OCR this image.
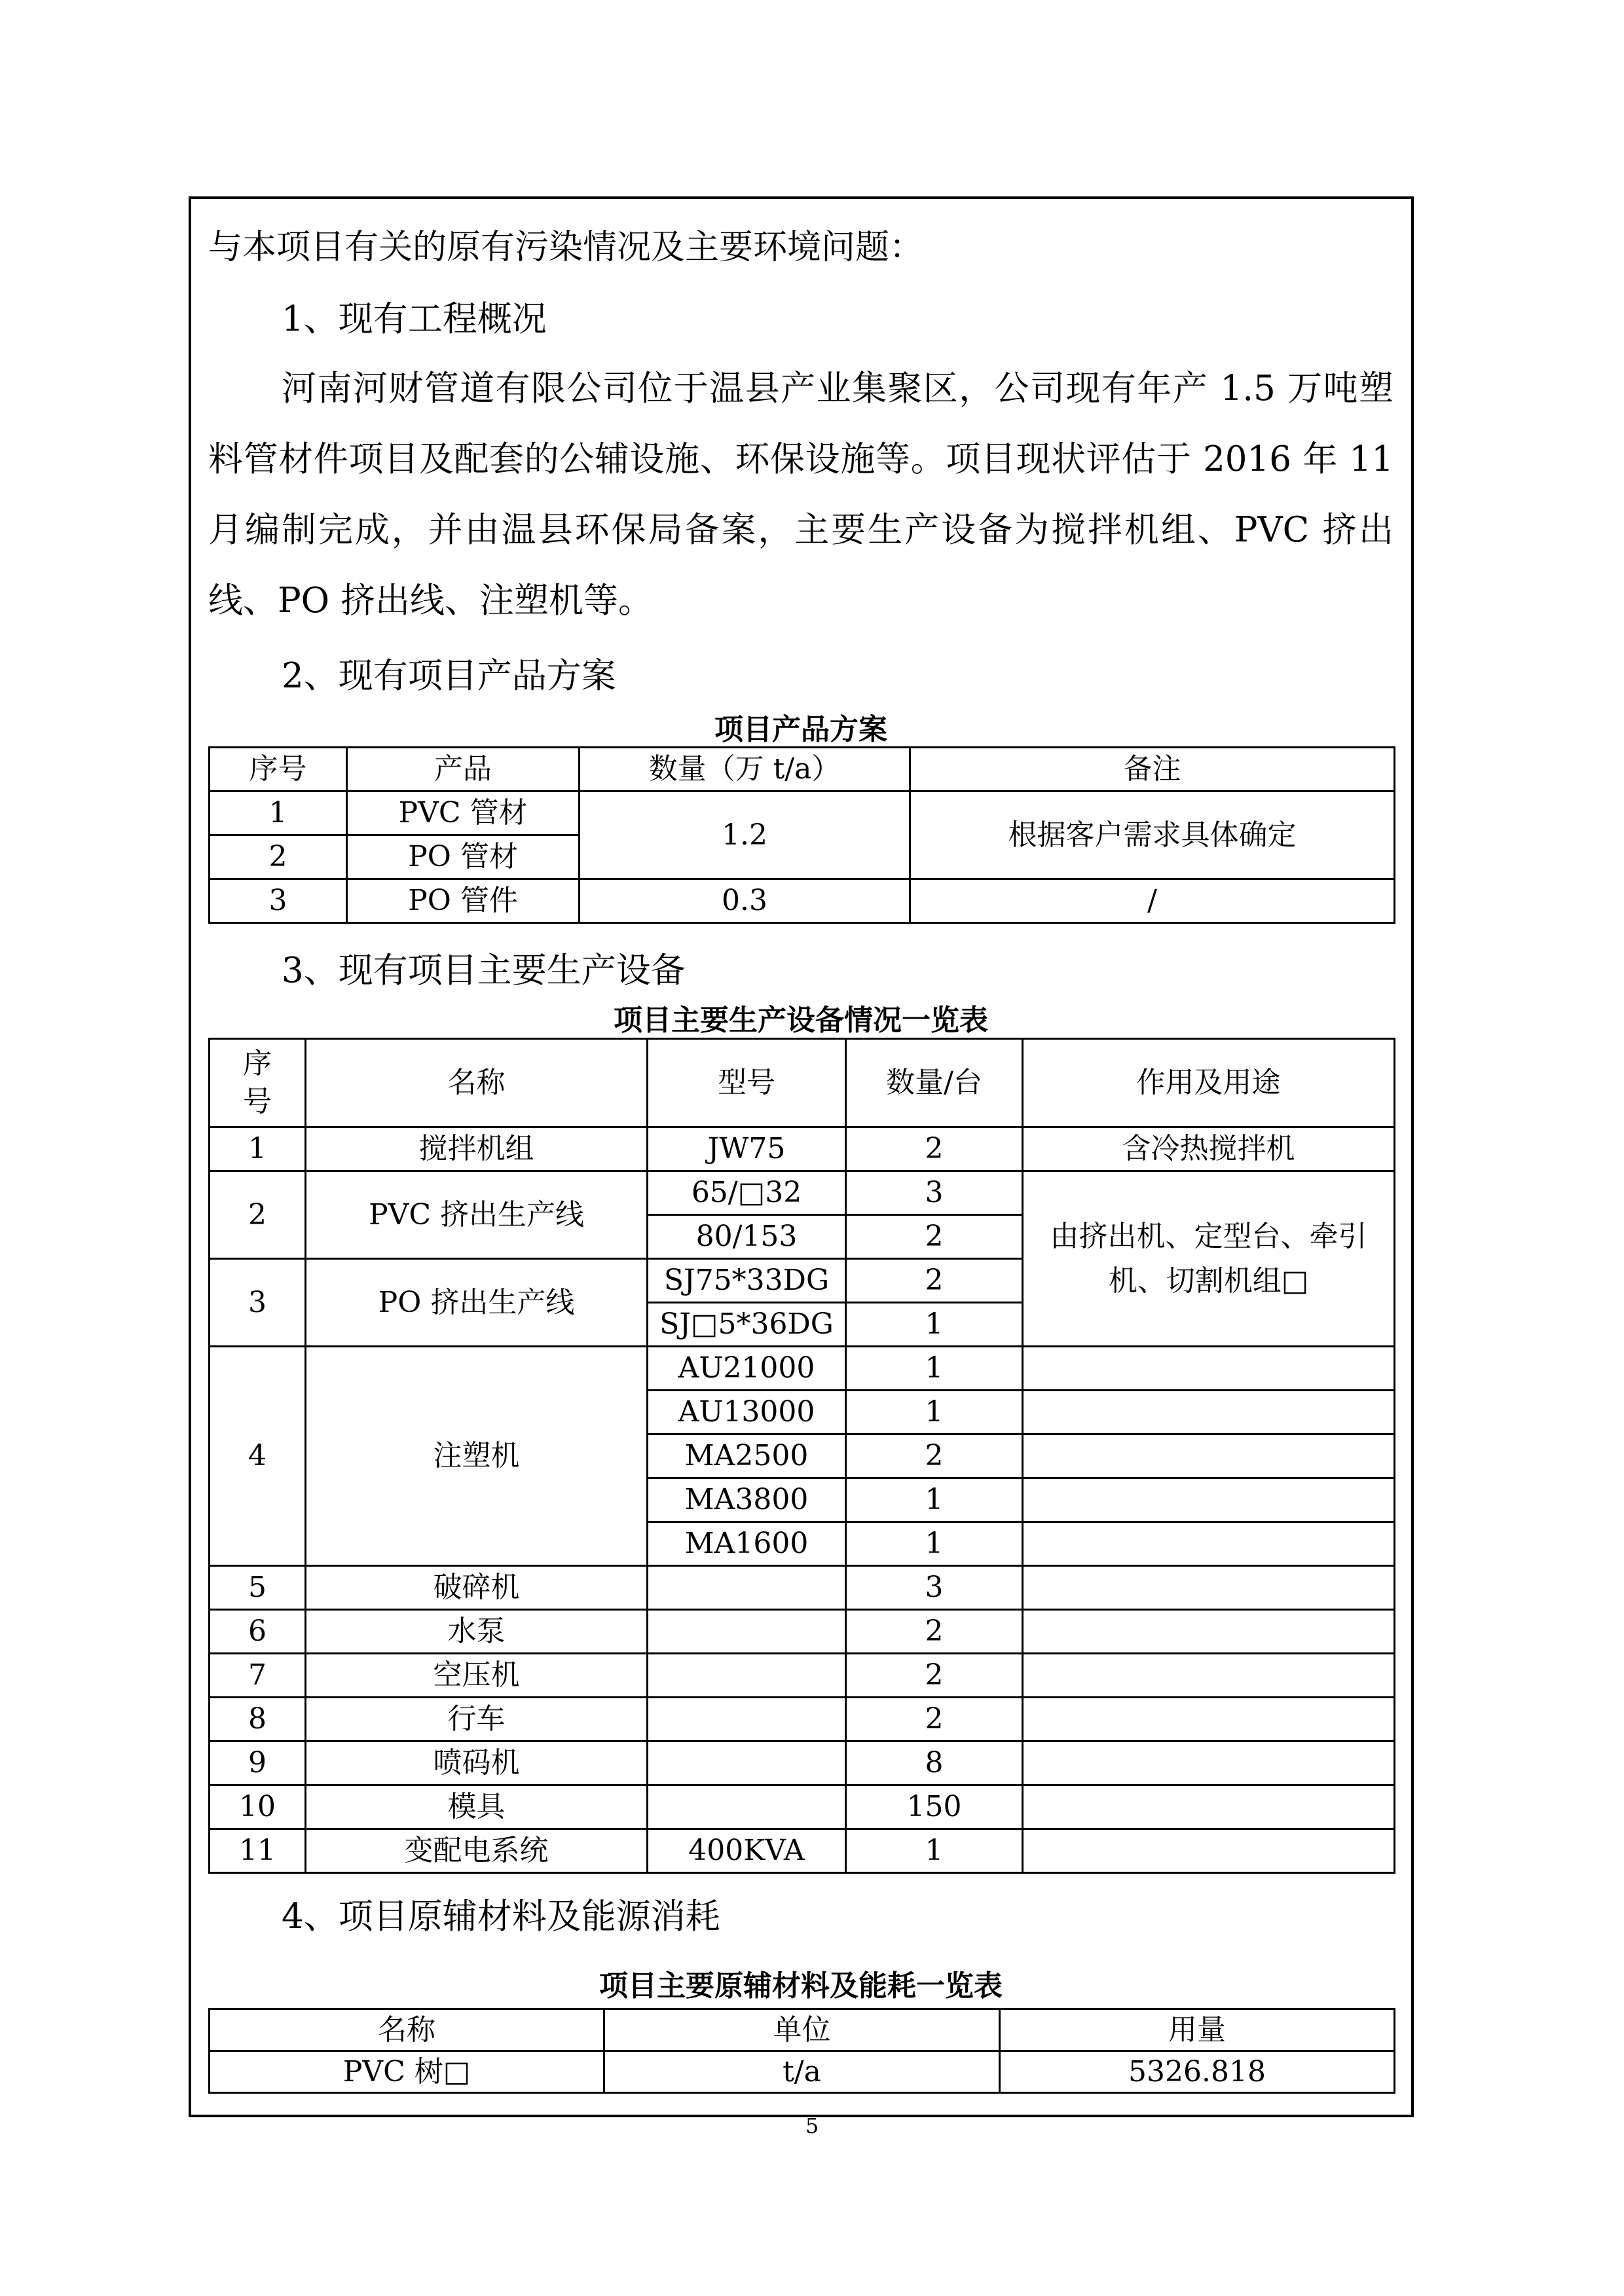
与本项目有关的原有污染情况及主要环境问题：
1、现有工程概况

河南河财管道有限公司位于温县产业集聚区，公司现有年产 1.5 万吨塑料管材件项目及配套的公辅设施、环保设施等。项目现状评估于 2016 年 11 月编制完成，并由温县环保局备案，主要生产设备为搅拌机组、PVC 挤出线、PO 挤出线、注塑机等。

2、现有项目产品方案
项目产品方案
序号	产品	数量（万 t/a）	备注
1	PVC 管材	1.2	根据客户需求具体确定
2	PO 管材		
3	PO 管件	0.3	/
3、现有项目主要生产设备
项目主要生产设备情况一览表
序号	名称	型号	数量/台	作用及用途
1	搅拌机组	JW75	2	含冷热搅拌机
2	PVC 挤出生产线	65/□32	3	由挤出机、定型台、牵引机、切割机组□

		80/153	2	
3	PO 挤出生产线	SJ75*33DG	2	
		SJ□5*36DG	1	
4	注塑机	AU21000	1	
		AU13000	1	
		MA2500	2	
		MA3800	1	
		MA1600	1	
5	破碎机		3	
6	水泵		2	
7	空压机		2	
8	行车		2	
9	喷码机		8	
10	模具		150	
11	变配电系统	400KVA	1	
4、项目原辅材料及能源消耗
项目主要原辅材料及能耗一览表
名称	单位	用量
PVC 树□	t/a	5326.818
5
